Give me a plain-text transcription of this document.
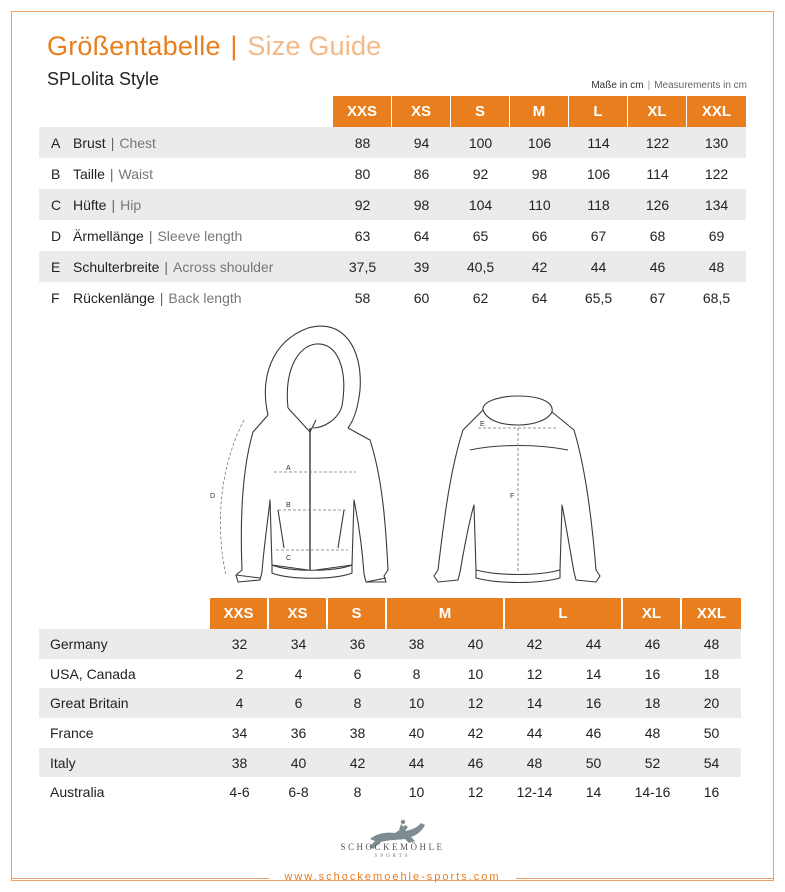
Größentabelle | Size Guide
SPLolita Style	Maße in cm | Measurements in cm
XXS	XS	S	M	L	XL	XXL
A Brust | Chest	88	94	100	106	114	122	130
B Taille | Waist	80	86	92	98	106	114	122
C Hüfte | Hip	92	98	104	110	118	126	134
D Ärmellänge | Sleeve length	63	64	65	66	67	68	69
E Schulterbreite | Across shoulder	37,5	39	40,5	42	44	46	48
F Rückenlänge | Back length	58	60	62	64	65,5	67	68,5
A
B
C
D
E
F
XXS	XS	S	M	L	XL	XXL
Germany	32	34	36	38	40	42	44	46	48
USA, Canada	2	4	6	8	10	12	14	16	18
Great Britain	4	6	8	10	12	14	16	18	20
France	34	36	38	40	42	44	46	48	50
Italy	38	40	42	44	46	48	50	52	54
Australia	4-6	6-8	8	10	12	12-14	14	14-16	16
SCHOCKEMÖHLE
SPORTS
www.schockemoehle-sports.com
